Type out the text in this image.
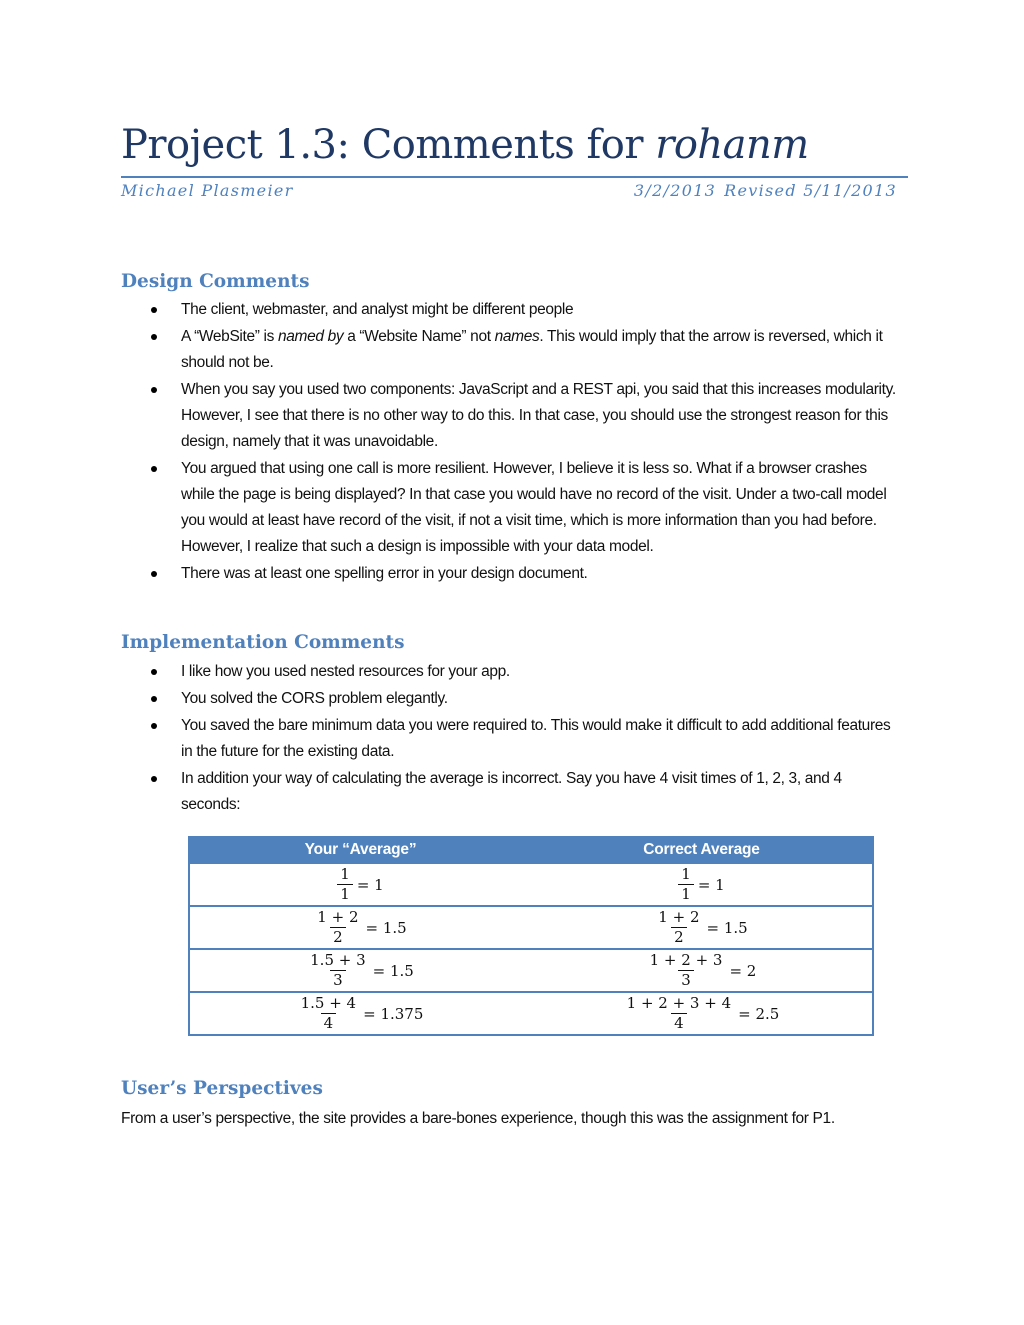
Project 1.3: Comments for rohanm
Michael Plasmeier	3/2/2013 Revised 5/11/2013
Design Comments
The client, webmaster, and analyst might be different people
A “WebSite” is named by a “Website Name” not names. This would imply that the arrow is reversed, which it should not be.
When you say you used two components: JavaScript and a REST api, you said that this increases modularity. However, I see that there is no other way to do this. In that case, you should use the strongest reason for this design, namely that it was unavoidable.
You argued that using one call is more resilient. However, I believe it is less so. What if a browser crashes while the page is being displayed? In that case you would have no record of the visit. Under a two-call model you would at least have record of the visit, if not a visit time, which is more information than you had before. However, I realize that such a design is impossible with your data model.
There was at least one spelling error in your design document.
Implementation Comments
I like how you used nested resources for your app.
You solved the CORS problem elegantly.
You saved the bare minimum data you were required to. This would make it difficult to add additional features in the future for the existing data.
In addition your way of calculating the average is incorrect. Say you have 4 visit times of 1, 2, 3, and 4 seconds:
Your “Average”	Correct Average

$\frac{1}{1} = 1$	$\frac{1}{1} = 1$

$\frac{1 + 2}{2} = 1.5$	$\frac{1 + 2}{2} = 1.5$

$\frac{1.5 + 3}{3} = 1.5$	$\frac{1 + 2 + 3}{3} = 2$

$\frac{1.5 + 4}{4} = 1.375$	$\frac{1 + 2 + 3 + 4}{4} = 2.5$
User’s Perspectives
From a user’s perspective, the site provides a bare-bones experience, though this was the assignment for P1.
